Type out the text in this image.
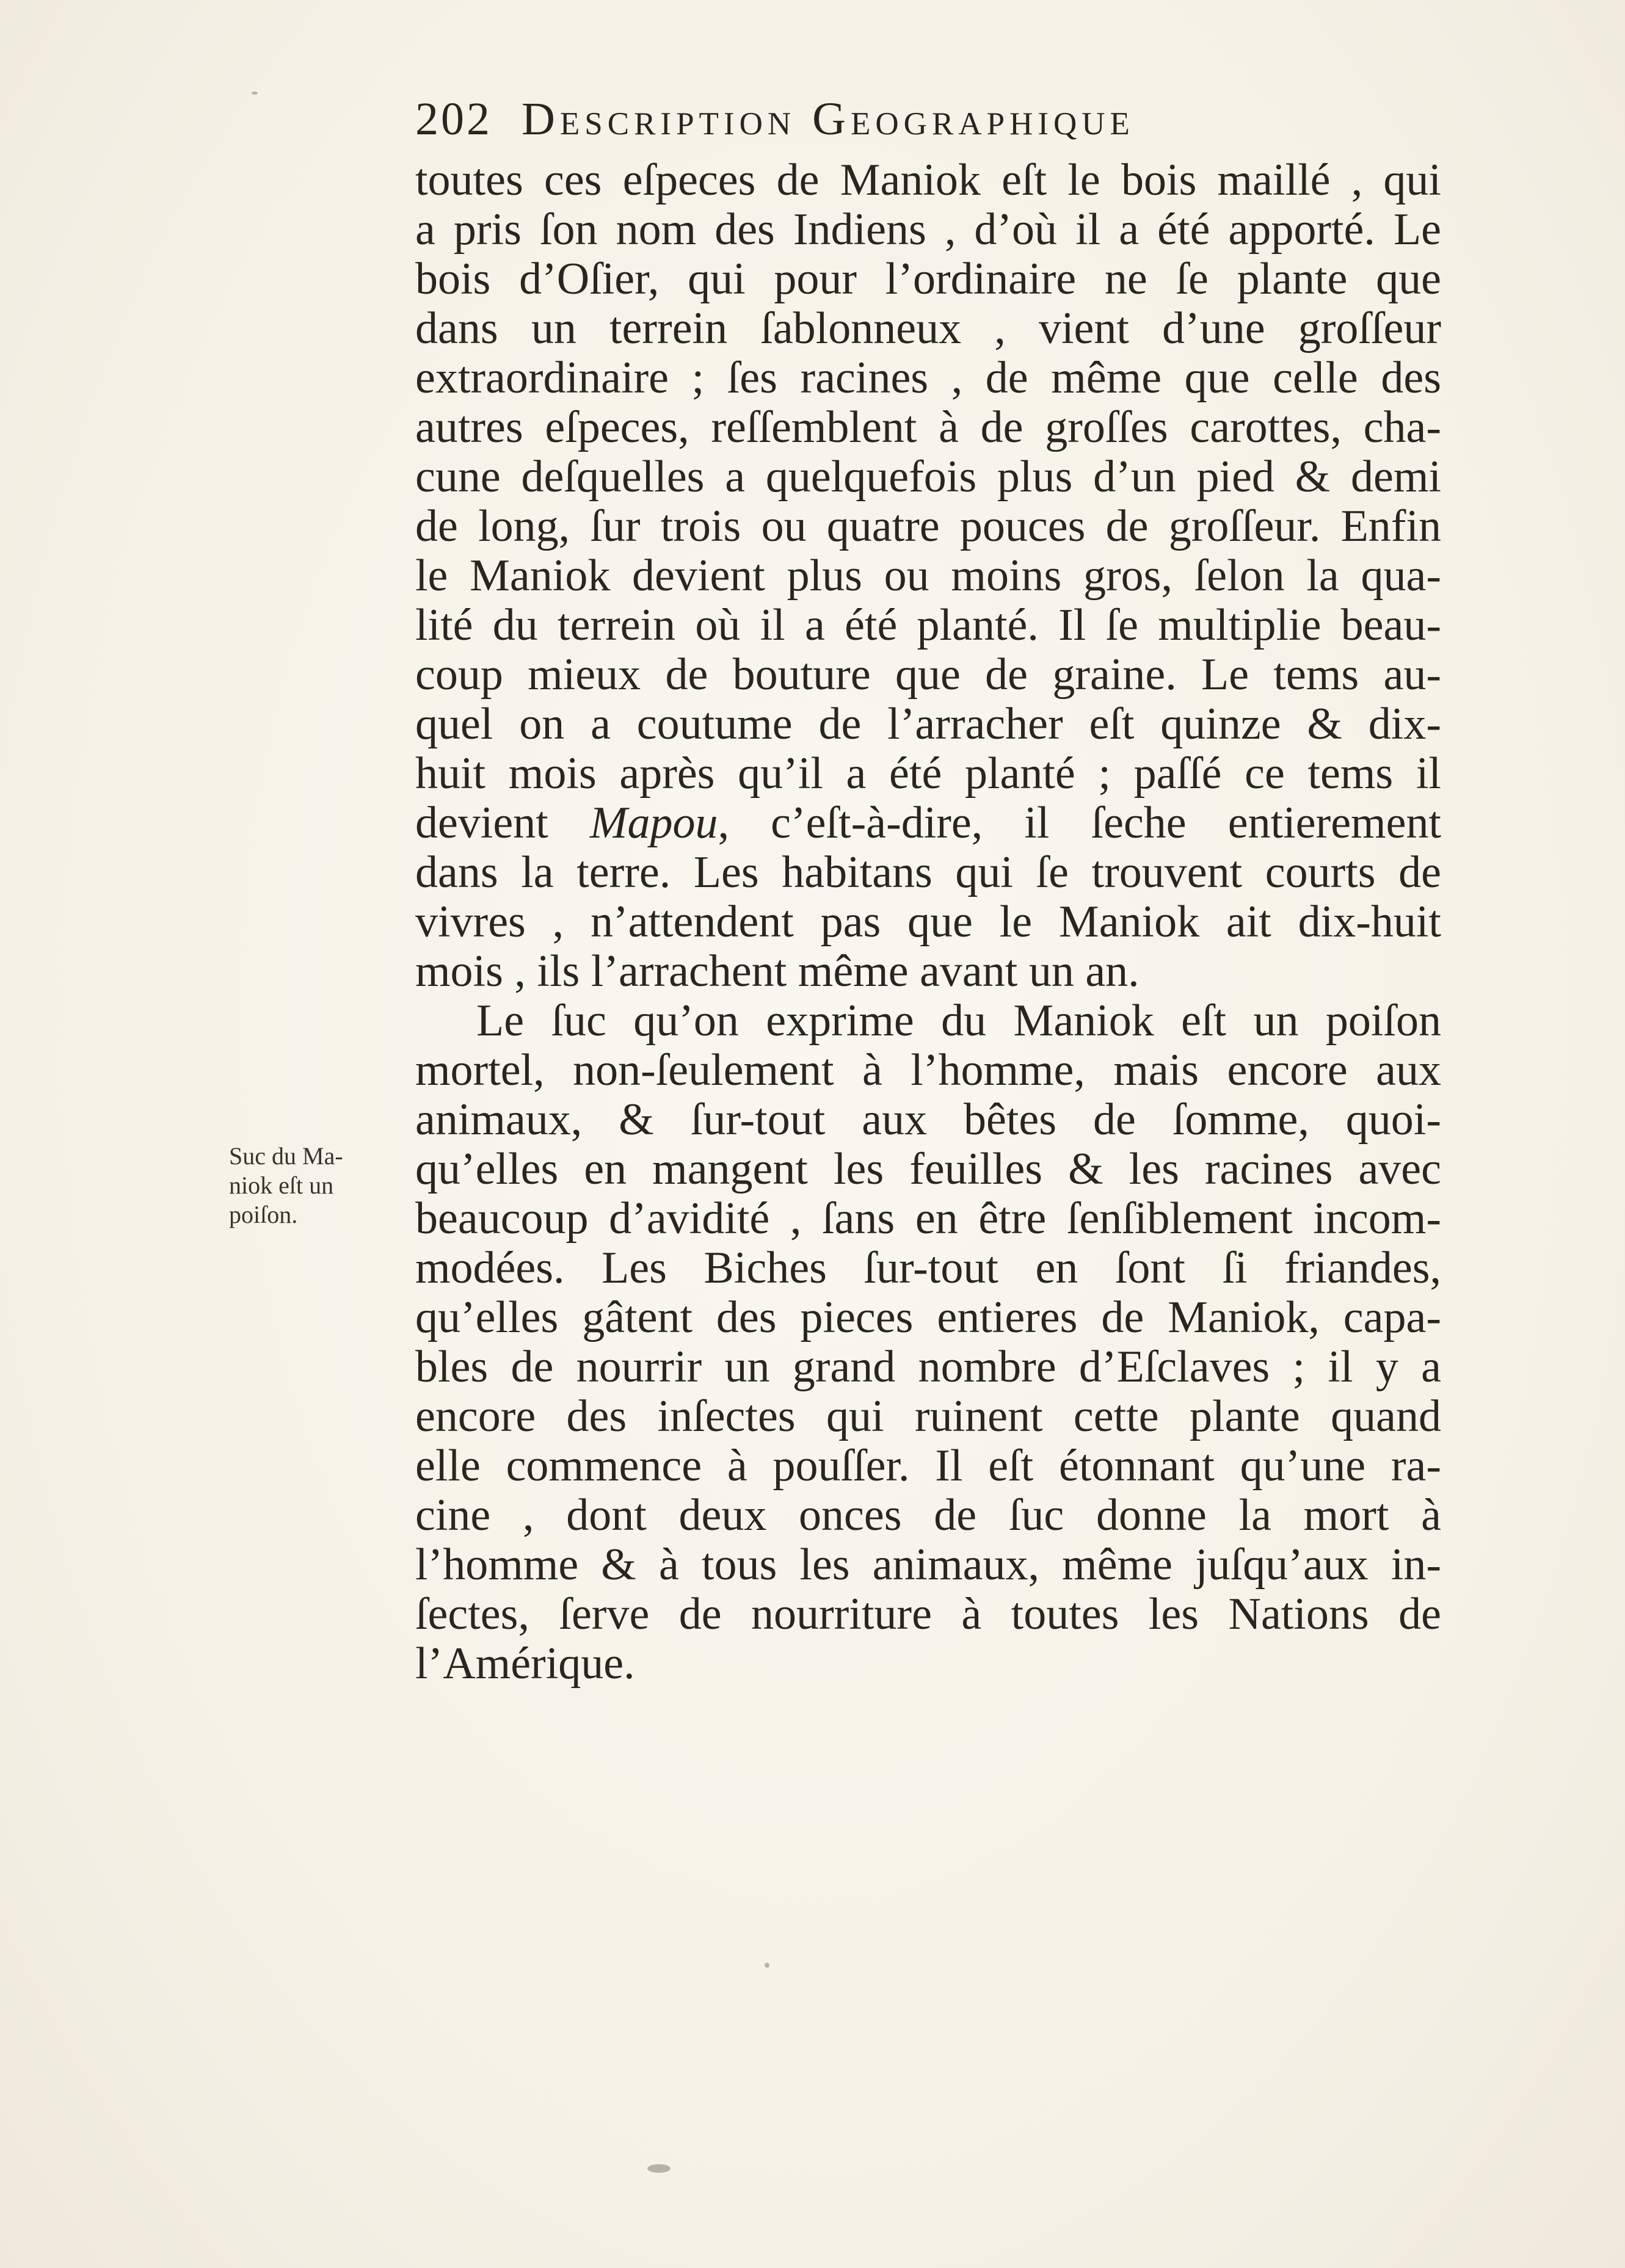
202 Description Geographique
Suc du Ma-
niok eſt un
poiſon.
toutes ces eſpeces de Maniok eſt le bois maillé , qui
a pris ſon nom des Indiens , d’où il a été apporté. Le
bois d’Oſier, qui pour l’ordinaire ne ſe plante que
dans un terrein ſablonneux , vient d’une groſſeur
extraordinaire ; ſes racines , de même que celle des
autres eſpeces, reſſemblent à de groſſes carottes, cha-
cune deſquelles a quelquefois plus d’un pied & demi
de long, ſur trois ou quatre pouces de groſſeur. Enfin
le Maniok devient plus ou moins gros, ſelon la qua-
lité du terrein où il a été planté. Il ſe multiplie beau-
coup mieux de bouture que de graine. Le tems au-
quel on a coutume de l’arracher eſt quinze & dix-
huit mois après qu’il a été planté ; paſſé ce tems il
devient Mapou, c’eſt-à-dire, il ſeche entierement
dans la terre. Les habitans qui ſe trouvent courts de
vivres , n’attendent pas que le Maniok ait dix-huit
mois , ils l’arrachent même avant un an.
Le ſuc qu’on exprime du Maniok eſt un poiſon
mortel, non-ſeulement à l’homme, mais encore aux
animaux, & ſur-tout aux bêtes de ſomme, quoi-
qu’elles en mangent les feuilles & les racines avec
beaucoup d’avidité , ſans en être ſenſiblement incom-
modées. Les Biches ſur-tout en ſont ſi friandes,
qu’elles gâtent des pieces entieres de Maniok, capa-
bles de nourrir un grand nombre d’Eſclaves ; il y a
encore des inſectes qui ruinent cette plante quand
elle commence à pouſſer. Il eſt étonnant qu’une ra-
cine , dont deux onces de ſuc donne la mort à
l’homme & à tous les animaux, même juſqu’aux in-
ſectes, ſerve de nourriture à toutes les Nations de
l’Amérique.
